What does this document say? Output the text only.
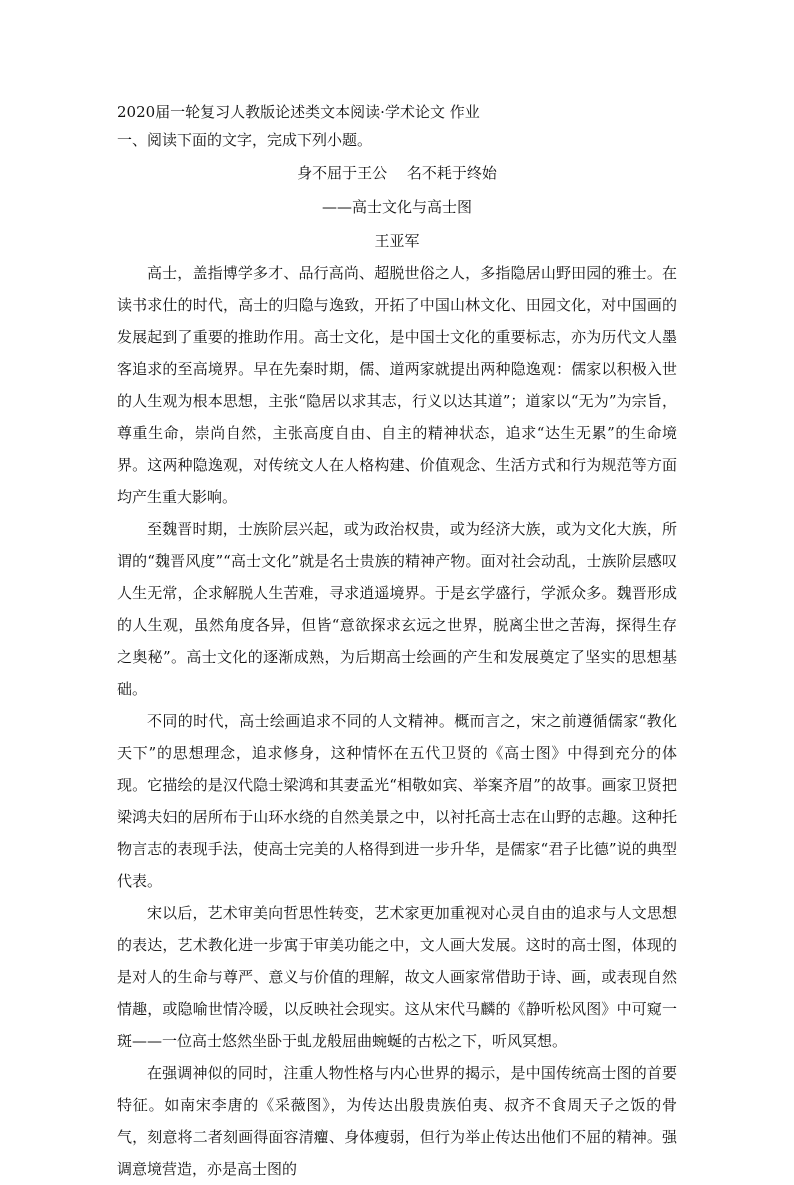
2020届一轮复习人教版论述类文本阅读·学术论文 作业
一、阅读下面的文字，完成下列小题。
身不屈于王公　 名不耗于终始
——高士文化与高士图
王亚军

高士，盖指博学多才、品行高尚、超脱世俗之人，多指隐居山野田园的雅士。在读书求仕的时代，高士的归隐与逸致，开拓了中国山林文化、田园文化，对中国画的发展起到了重要的推助作用。高士文化，是中国士文化的重要标志，亦为历代文人墨客追求的至高境界。早在先秦时期，儒、道两家就提出两种隐逸观：儒家以积极入世的人生观为根本思想，主张“隐居以求其志，行义以达其道”；道家以“无为”为宗旨，尊重生命，崇尚自然，主张高度自由、自主的精神状态，追求“达生无累”的生命境界。这两种隐逸观，对传统文人在人格构建、价值观念、生活方式和行为规范等方面均产生重大影响。

至魏晋时期，士族阶层兴起，或为政治权贵，或为经济大族，或为文化大族，所谓的“魏晋风度”“高士文化”就是名士贵族的精神产物。面对社会动乱，士族阶层感叹人生无常，企求解脱人生苦难，寻求逍遥境界。于是玄学盛行，学派众多。魏晋形成的人生观，虽然角度各异，但皆“意欲探求玄远之世界，脱离尘世之苦海，探得生存之奥秘”。高士文化的逐渐成熟，为后期高士绘画的产生和发展奠定了坚实的思想基础。

不同的时代，高士绘画追求不同的人文精神。概而言之，宋之前遵循儒家“教化天下”的思想理念，追求修身，这种情怀在五代卫贤的《高士图》中得到充分的体现。它描绘的是汉代隐士梁鸿和其妻孟光“相敬如宾、举案齐眉”的故事。画家卫贤把梁鸿夫妇的居所布于山环水绕的自然美景之中，以衬托高士志在山野的志趣。这种托物言志的表现手法，使高士完美的人格得到进一步升华，是儒家“君子比德”说的典型代表。

宋以后，艺术审美向哲思性转变，艺术家更加重视对心灵自由的追求与人文思想的表达，艺术教化进一步寓于审美功能之中，文人画大发展。这时的高士图，体现的是对人的生命与尊严、意义与价值的理解，故文人画家常借助于诗、画，或表现自然情趣，或隐喻世情冷暖，以反映社会现实。这从宋代马麟的《静听松风图》中可窥一斑——一位高士悠然坐卧于虬龙般屈曲蜿蜒的古松之下，听风冥想。

在强调神似的同时，注重人物性格与内心世界的揭示，是中国传统高士图的首要特征。如南宋李唐的《采薇图》，为传达出殷贵族伯夷、叔齐不食周天子之饭的骨气，刻意将二者刻画得面容清癯、身体瘦弱，但行为举止传达出他们不屈的精神。强调意境营造，亦是高士图的
